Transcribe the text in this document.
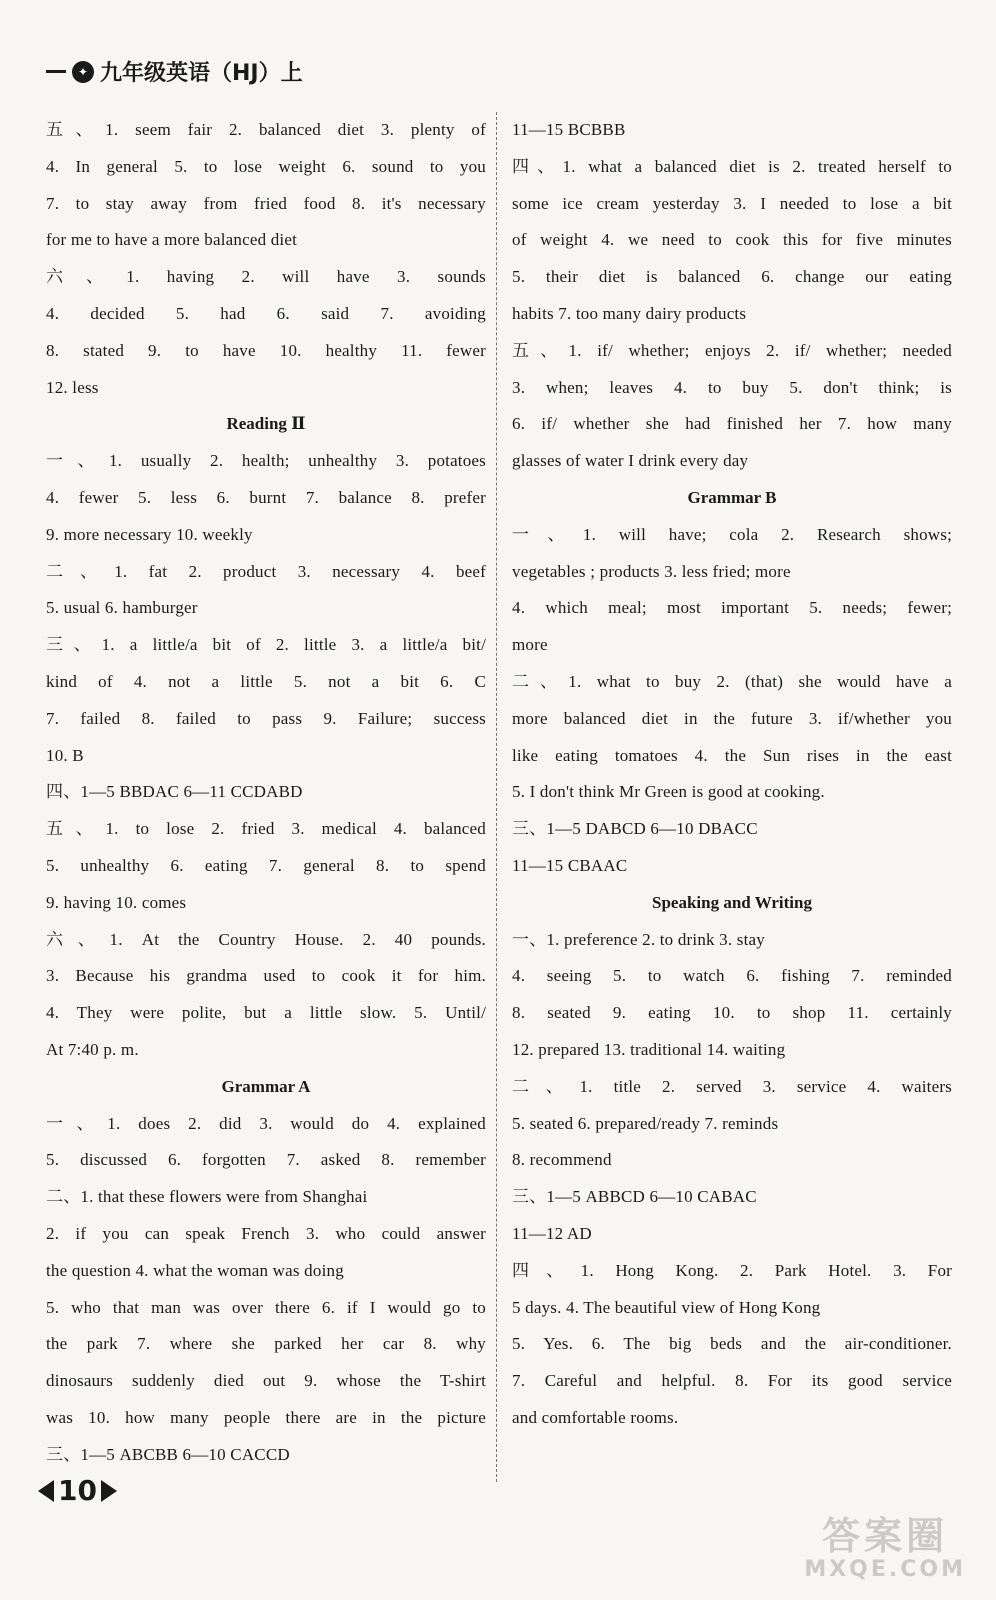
✦ 九年级英语（HJ）上
五、1. seem fair 2. balanced diet 3. plenty of
4. In general 5. to lose weight 6. sound to you
7. to stay away from fried food 8. it's necessary
for me to have a more balanced diet
六、1. having 2. will have 3. sounds
4. decided 5. had 6. said 7. avoiding
8. stated 9. to have 10. healthy 11. fewer
12. less
Reading Ⅱ
一、1. usually 2. health; unhealthy 3. potatoes
4. fewer 5. less 6. burnt 7. balance 8. prefer
9. more necessary 10. weekly
二、1. fat 2. product 3. necessary 4. beef
5. usual 6. hamburger
三、1. a little/a bit of 2. little 3. a little/a bit/
kind of 4. not a little 5. not a bit 6. C
7. failed 8. failed to pass 9. Failure; success
10. B
四、1—5 BBDAC 6—11 CCDABD
五、1. to lose 2. fried 3. medical 4. balanced
5. unhealthy 6. eating 7. general 8. to spend
9. having 10. comes
六、1. At the Country House. 2. 40 pounds.
3. Because his grandma used to cook it for him.
4. They were polite, but a little slow. 5. Until/
At 7:40 p. m.
Grammar A
一、1. does 2. did 3. would do 4. explained
5. discussed 6. forgotten 7. asked 8. remember
二、1. that these flowers were from Shanghai
2. if you can speak French 3. who could answer
the question 4. what the woman was doing
5. who that man was over there 6. if I would go to
the park 7. where she parked her car 8. why
dinosaurs suddenly died out 9. whose the T-shirt
was 10. how many people there are in the picture
三、1—5 ABCBB 6—10 CACCD
11—15 BCBBB
四、1. what a balanced diet is 2. treated herself to
some ice cream yesterday 3. I needed to lose a bit
of weight 4. we need to cook this for five minutes
5. their diet is balanced 6. change our eating
habits 7. too many dairy products
五、1. if/ whether; enjoys 2. if/ whether; needed
3. when; leaves 4. to buy 5. don't think; is
6. if/ whether she had finished her 7. how many
glasses of water I drink every day
Grammar B
一、1. will have; cola 2. Research shows;
vegetables ; products 3. less fried; more
4. which meal; most important 5. needs; fewer;
more
二、1. what to buy 2. (that) she would have a
more balanced diet in the future 3. if/whether you
like eating tomatoes 4. the Sun rises in the east
5. I don't think Mr Green is good at cooking.
三、1—5 DABCD 6—10 DBACC
11—15 CBAAC
Speaking and Writing
一、1. preference 2. to drink 3. stay
4. seeing 5. to watch 6. fishing 7. reminded
8. seated 9. eating 10. to shop 11. certainly
12. prepared 13. traditional 14. waiting
二、1. title 2. served 3. service 4. waiters
5. seated 6. prepared/ready 7. reminds
8. recommend
三、1—5 ABBCD 6—10 CABAC
11—12 AD
四、1. Hong Kong. 2. Park Hotel. 3. For
5 days. 4. The beautiful view of Hong Kong
5. Yes. 6. The big beds and the air-conditioner.
7. Careful and helpful. 8. For its good service
and comfortable rooms.
10
答案圈
MXQE.COM
